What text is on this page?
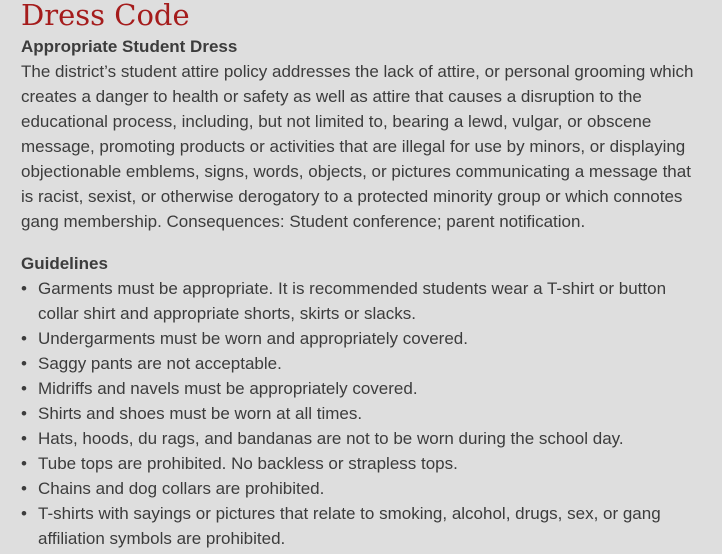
Dress Code
Appropriate Student Dress

The district’s student attire policy addresses the lack of attire, or personal grooming which creates a danger to health or safety as well as attire that causes a disruption to the educational process, including, but not limited to, bearing a lewd, vulgar, or obscene message, promoting products or activities that are illegal for use by minors, or displaying objectionable emblems, signs, words, objects, or pictures communicating a message that is racist, sexist, or otherwise derogatory to a protected minority group or which connotes gang membership. Consequences: Student conference; parent notification.

Guidelines
• Garments must be appropriate. It is recommended students wear a T-shirt or button collar shirt and appropriate shorts, skirts or slacks.
• Undergarments must be worn and appropriately covered.
• Saggy pants are not acceptable.
• Midriffs and navels must be appropriately covered.
• Shirts and shoes must be worn at all times.
• Hats, hoods, du rags, and bandanas are not to be worn during the school day.
• Tube tops are prohibited. No backless or strapless tops.
• Chains and dog collars are prohibited.
• T-shirts with sayings or pictures that relate to smoking, alcohol, drugs, sex, or gang affiliation symbols are prohibited.
